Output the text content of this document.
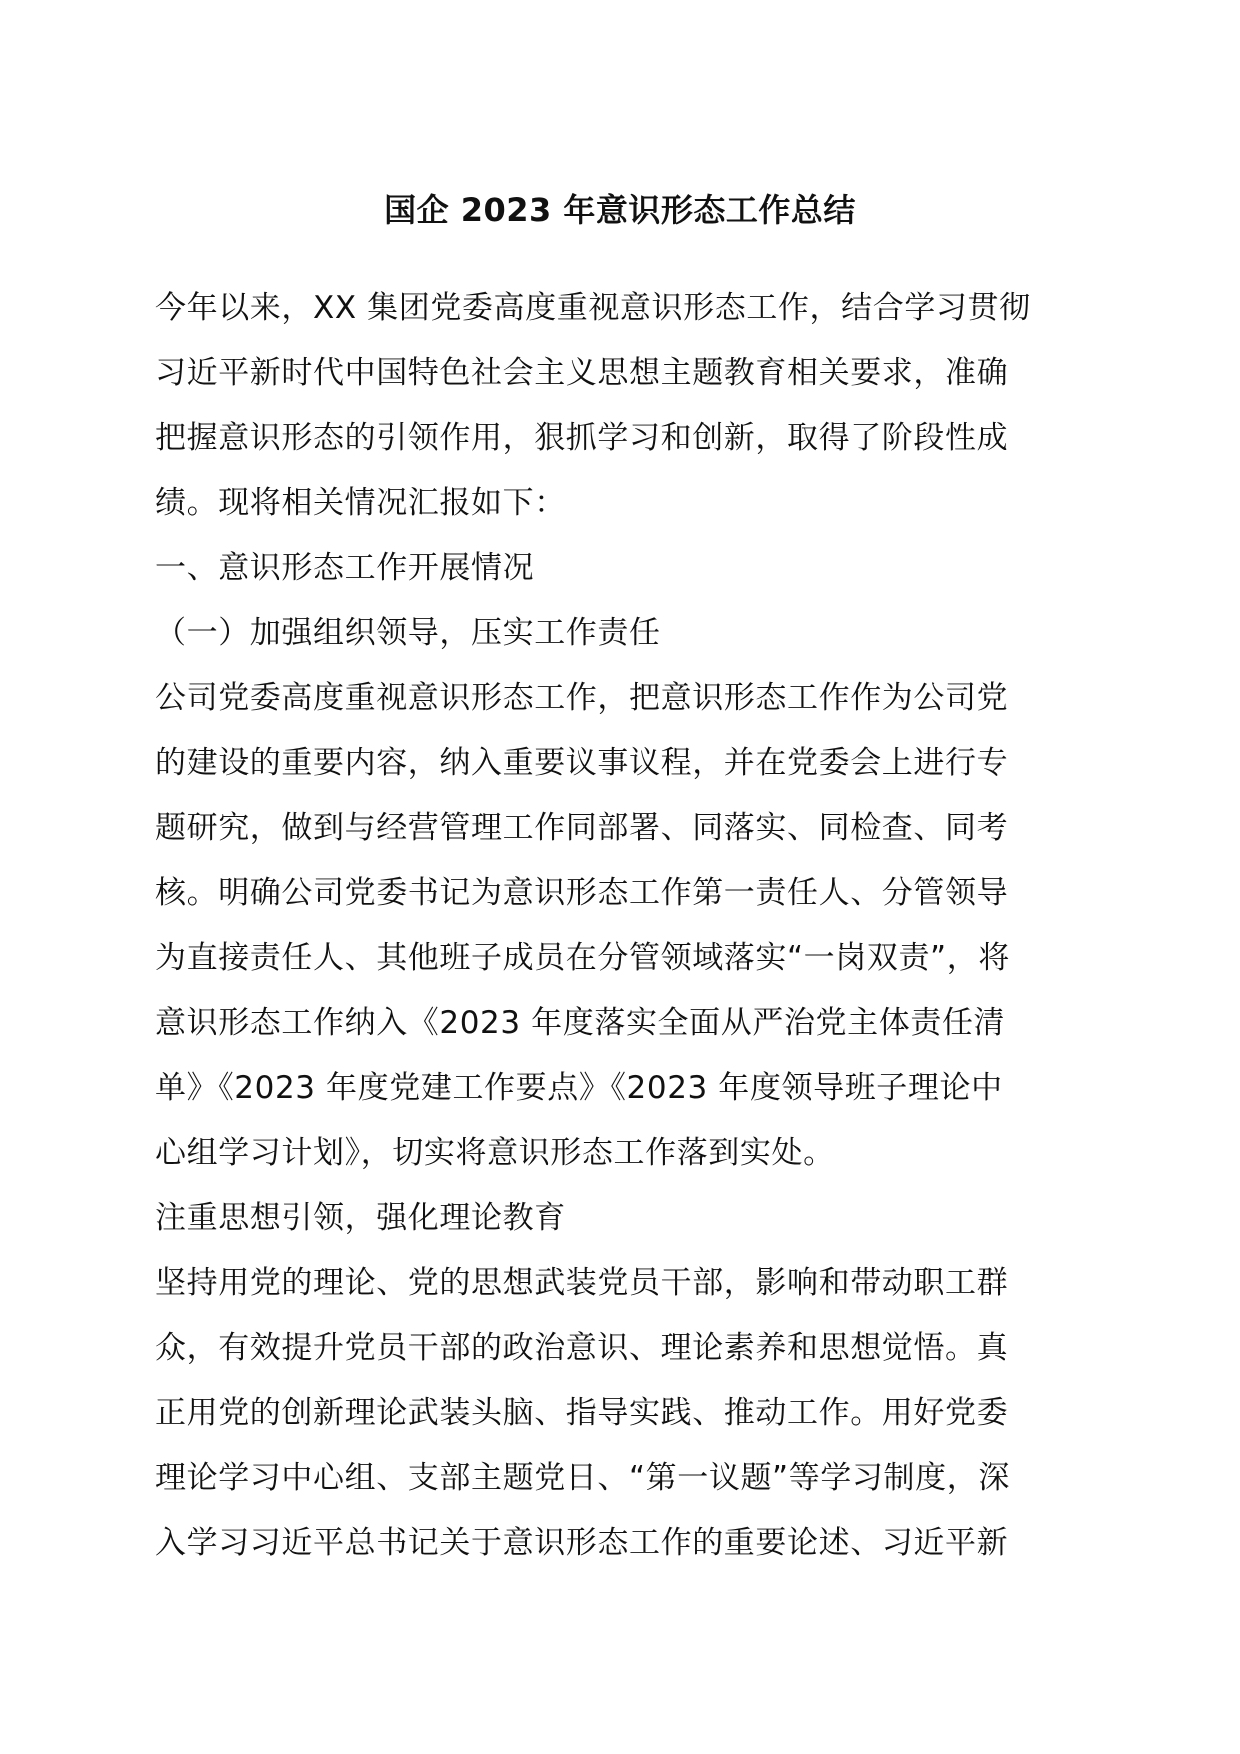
国企 2023 年意识形态工作总结
今年以来，XX 集团党委高度重视意识形态工作，结合学习贯彻
习近平新时代中国特色社会主义思想主题教育相关要求，准确
把握意识形态的引领作用，狠抓学习和创新，取得了阶段性成
绩。现将相关情况汇报如下：
一、意识形态工作开展情况
（一）加强组织领导，压实工作责任
公司党委高度重视意识形态工作，把意识形态工作作为公司党
的建设的重要内容，纳入重要议事议程，并在党委会上进行专
题研究，做到与经营管理工作同部署、同落实、同检查、同考
核。明确公司党委书记为意识形态工作第一责任人、分管领导
为直接责任人、其他班子成员在分管领域落实“一岗双责”，将
意识形态工作纳入《2023 年度落实全面从严治党主体责任清
单》《2023 年度党建工作要点》《2023 年度领导班子理论中
心组学习计划》，切实将意识形态工作落到实处。
注重思想引领，强化理论教育
坚持用党的理论、党的思想武装党员干部，影响和带动职工群
众，有效提升党员干部的政治意识、理论素养和思想觉悟。真
正用党的创新理论武装头脑、指导实践、推动工作。用好党委
理论学习中心组、支部主题党日、“第一议题”等学习制度，深
入学习习近平总书记关于意识形态工作的重要论述、习近平新
